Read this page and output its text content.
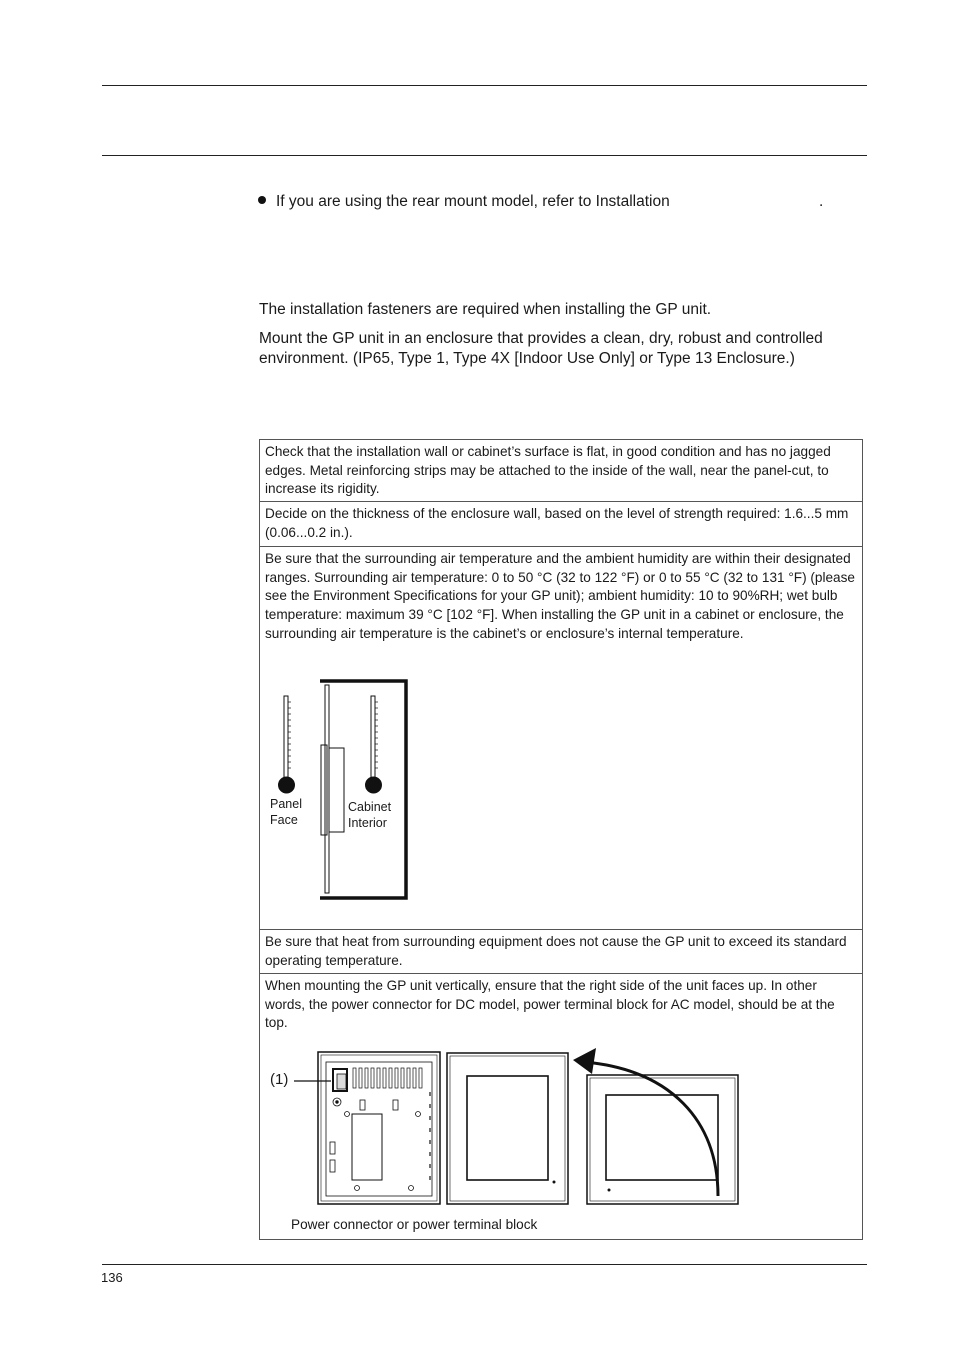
If you are using the rear mount model, refer to Installation	.
The installation fasteners are required when installing the GP unit.
Mount the GP unit in an enclosure that provides a clean, dry, robust and controlled environment. (IP65, Type 1, Type 4X [Indoor Use Only] or Type 13 Enclosure.)

Check that the installation wall or cabinet’s surface is flat, in good condition and has no jagged edges. Metal reinforcing strips may be attached to the inside of the wall, near the panel-cut, to increase its rigidity.

Decide on the thickness of the enclosure wall, based on the level of strength required: 1.6...5 mm (0.06...0.2 in.).

Be sure that the surrounding air temperature and the ambient humidity are within their designated ranges. Surrounding air temperature: 0 to 50 °C (32 to 122 °F) or 0 to 55 °C (32 to 131 °F) (please see the Environment Specifications for your GP unit); ambient humidity: 10 to 90%RH; wet bulb temperature: maximum 39 °C [102 °F]. When installing the GP unit in a cabinet or enclosure, the surrounding air temperature is the cabinet’s or enclosure’s internal temperature.

Be sure that heat from surrounding equipment does not cause the GP unit to exceed its standard operating temperature.

When mounting the GP unit vertically, ensure that the right side of the unit faces up. In other words, the power connector for DC model, power terminal block for AC model, should be at the top.

Panel
Face
Cabinet
Interior
(1)
Power connector or power terminal block
136
